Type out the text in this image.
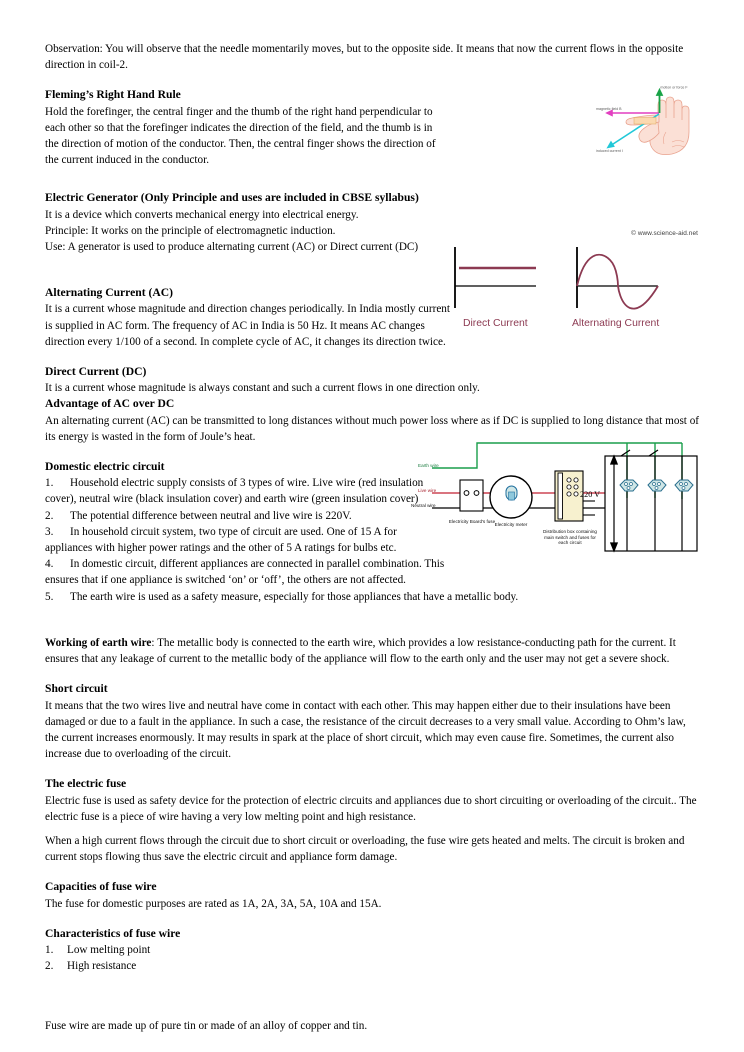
Observation: You will observe that the needle momentarily moves, but to the opposite side. It means that now the current flows in the opposite direction in coil-2.

Fleming’s Right Hand Rule

Hold the forefinger, the central finger and the thumb of the right hand perpendicular to each other so that the forefinger indicates the direction of the field, and the thumb is in the direction of motion of the conductor. Then, the central finger shows the direction of the current induced in the conductor.

Electric Generator (Only Principle and uses are included in CBSE syllabus)

It is a device which converts mechanical energy into electrical energy.

Principle: It works on the principle of electromagnetic induction.

Use: A generator is used to produce alternating current (AC) or Direct current (DC)

Alternating Current (AC)

It is a current whose magnitude and direction changes periodically. In India mostly current is supplied in AC form. The frequency of AC in India is 50 Hz. It means AC changes direction every 1/100 of a second. In complete cycle of AC, it changes its direction twice.

Direct Current (DC)

It is a current whose magnitude is always constant and such a current flows in one direction only.

Advantage of AC over DC

An alternating current (AC) can be transmitted to long distances without much power loss where as if DC is supplied to long distance that most of its energy is wasted in the form of Joule’s heat.

Domestic electric circuit
1. Household electric supply consists of 3 types of wire. Live wire (red insulation cover), neutral wire (black insulation cover) and earth wire (green insulation cover)
2. The potential difference between neutral and live wire is 220V.
3. In household circuit system, two type of circuit are used. One of 15 A for appliances with higher power ratings and the other of 5 A ratings for bulbs etc.
4. In domestic circuit, different appliances are connected in parallel combination. This ensures that if one appliance is switched ‘on’ or ‘off’, the others are not affected.
5. The earth wire is used as a safety measure, especially for those appliances that have a metallic body.

Working of earth wire: The metallic body is connected to the earth wire, which provides a low resistance-conducting path for the current. It ensures that any leakage of current to the metallic body of the appliance will flow to the earth only and the user may not get a severe shock.

Short circuit

It means that the two wires live and neutral have come in contact with each other. This may happen either due to their insulations have been damaged or due to a fault in the appliance. In such a case, the resistance of the circuit decreases to a very small value. According to Ohm’s law, the current increases enormously. It may results in spark at the place of short circuit, which may even cause fire. Sometimes, the current also increase due to overloading of the circuit.

The electric fuse

Electric fuse is used as safety device for the protection of electric circuits and appliances due to short circuiting or overloading of the circuit.. The electric fuse is a piece of wire having a very low melting point and high resistance.

When a high current flows through the circuit due to short circuit or overloading, the fuse wire gets heated and melts. The circuit is broken and current stops flowing thus save the electric circuit and appliance form damage.

Capacities of fuse wire

The fuse for domestic purposes are rated as 1A, 2A, 3A, 5A, 10A and 15A.

Characteristics of fuse wire
1. Low melting point
2. High resistance

Fuse wire are made up of pure tin or made of an alloy of copper and tin.

motion or force F
magnetic field B
induced current I
© www.science-aid.net
Direct Current	Alternating Current
Earth wire
Live wire
Neutral wire
Electricity Board's fuse
Electricity meter
Distribution box containing main switch and fuses for each circuit
220 V
